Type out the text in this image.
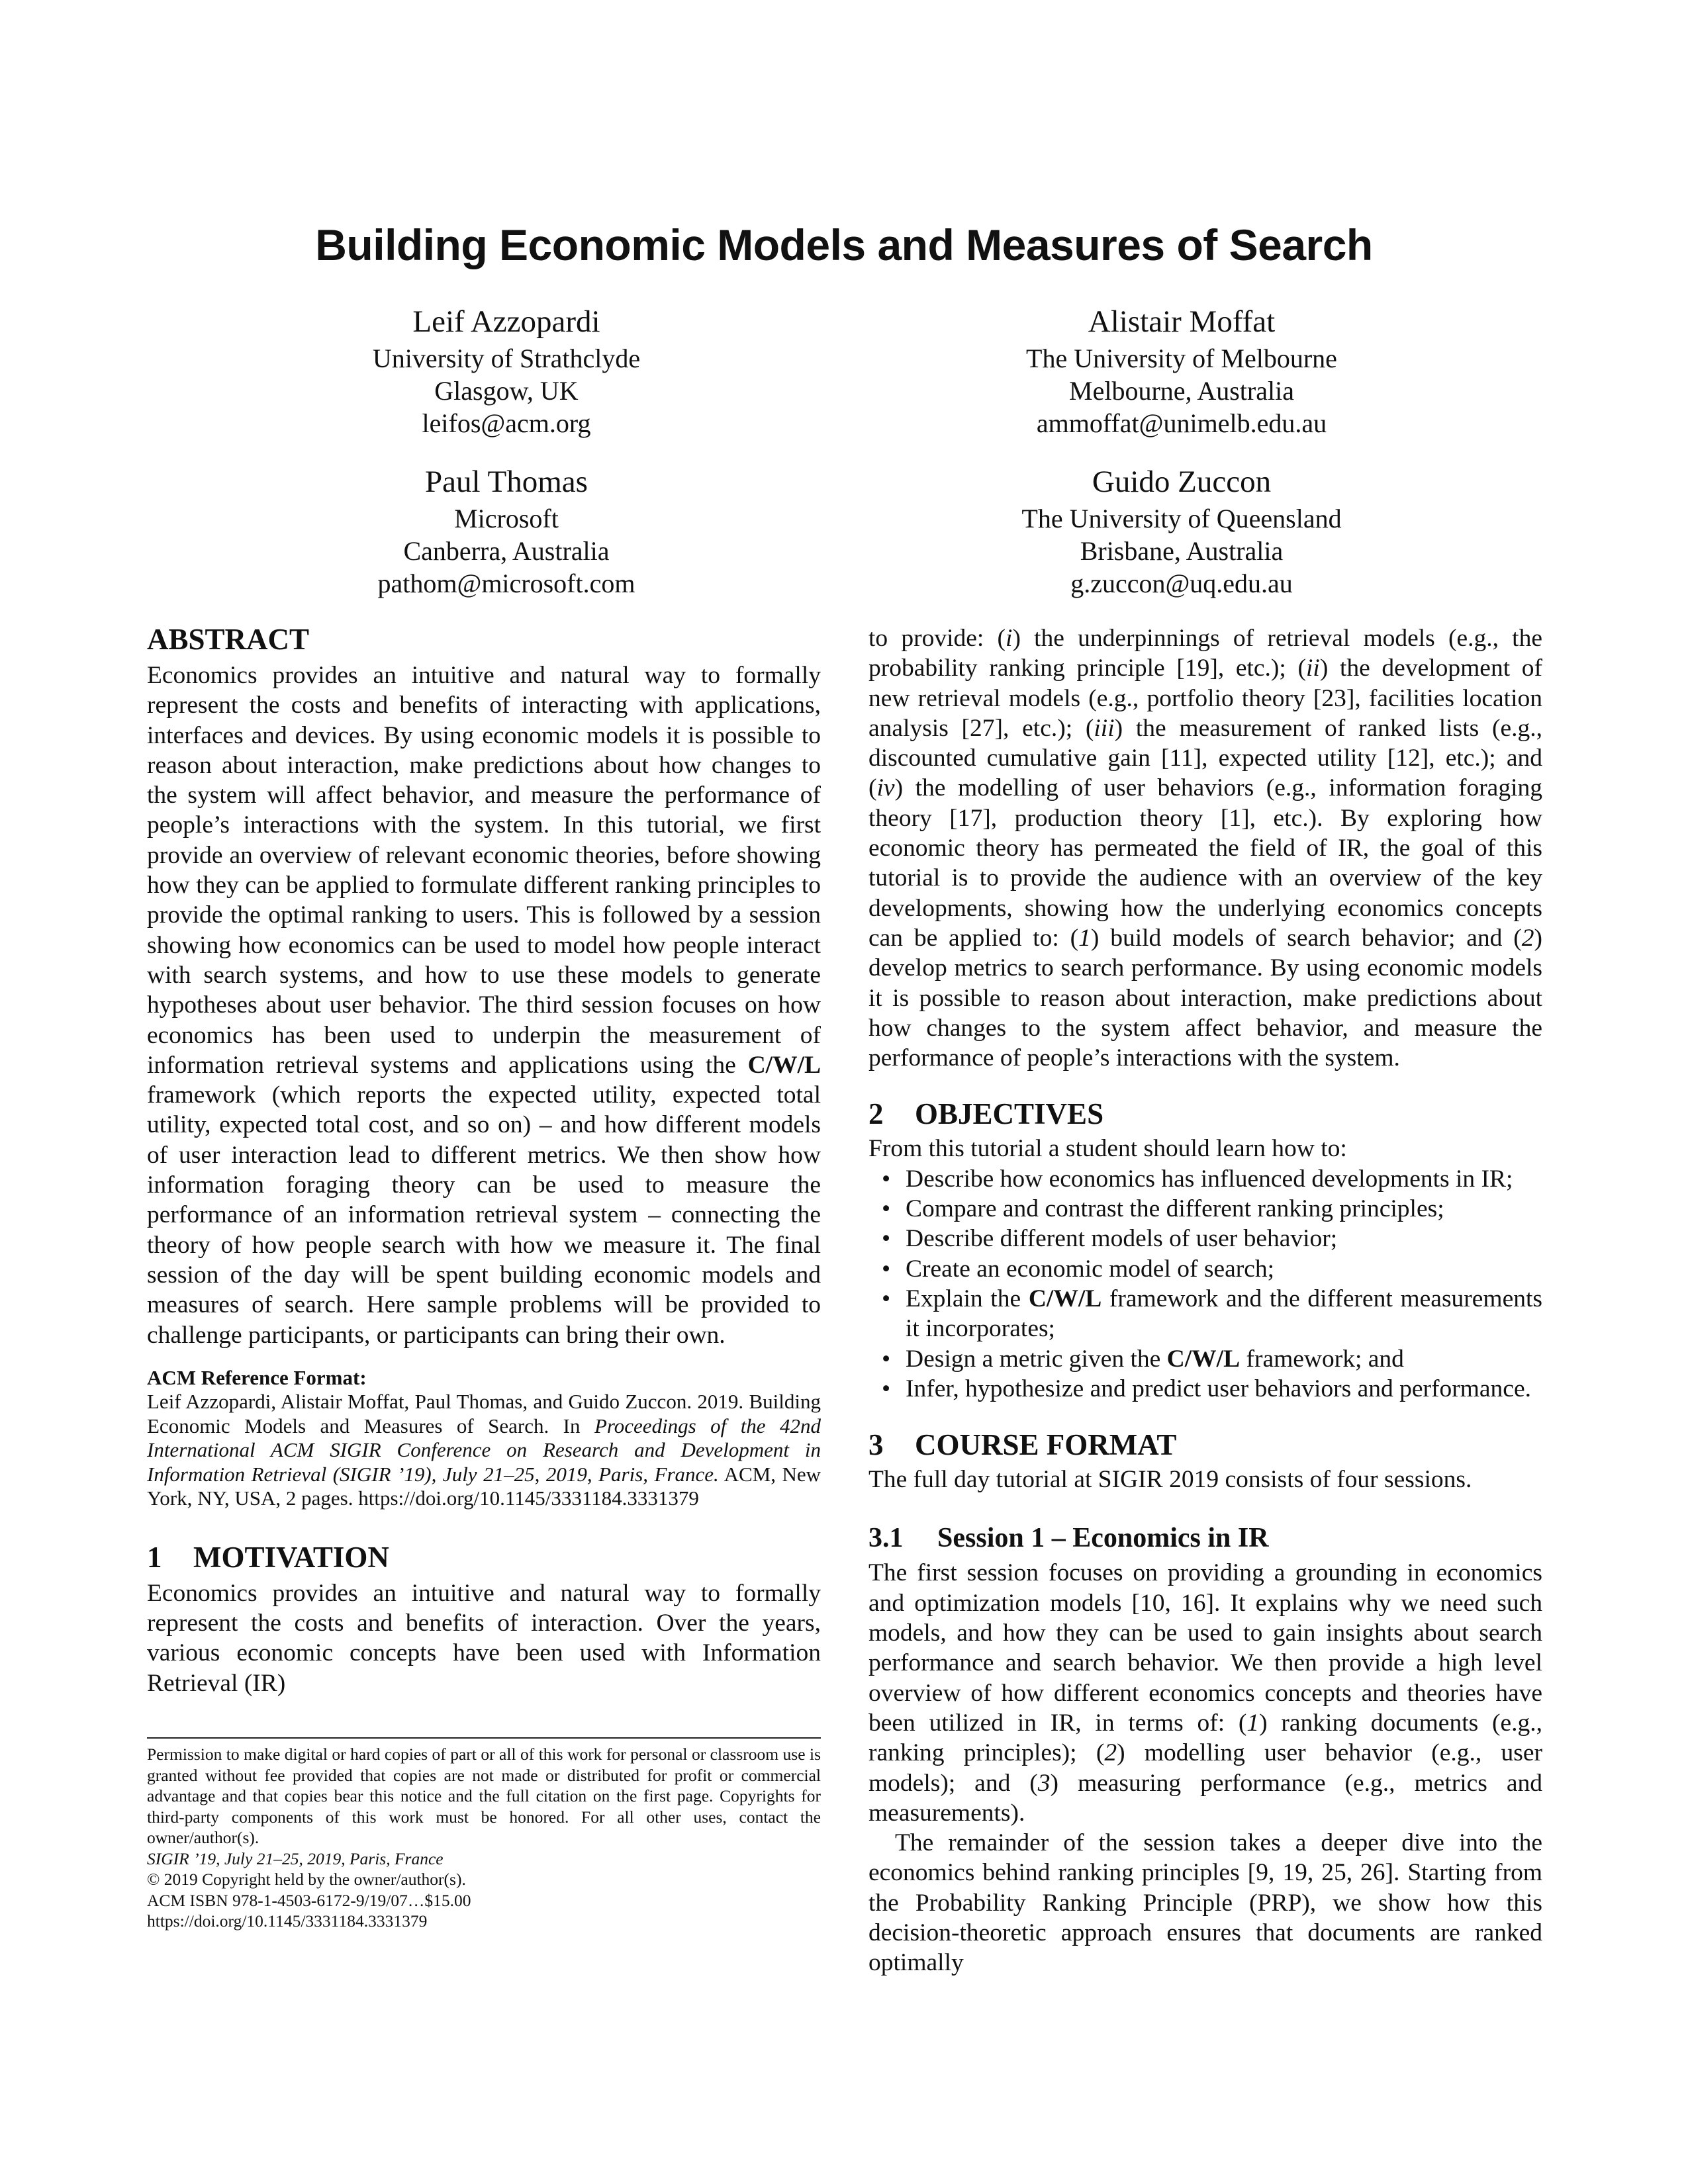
Building Economic Models and Measures of Search
Leif Azzopardi
University of Strathclyde
Glasgow, UK
leifos@acm.org
Alistair Moffat
The University of Melbourne
Melbourne, Australia
ammoffat@unimelb.edu.au
Paul Thomas
Microsoft
Canberra, Australia
pathom@microsoft.com
Guido Zuccon
The University of Queensland
Brisbane, Australia
g.zuccon@uq.edu.au
ABSTRACT

Economics provides an intuitive and natural way to formally represent the costs and benefits of interacting with applications, interfaces and devices. By using economic models it is possible to reason about interaction, make predictions about how changes to the system will affect behavior, and measure the performance of people’s interactions with the system. In this tutorial, we first provide an overview of relevant economic theories, before showing how they can be applied to formulate different ranking principles to provide the optimal ranking to users. This is followed by a session showing how economics can be used to model how people interact with search systems, and how to use these models to generate hypotheses about user behavior. The third session focuses on how economics has been used to underpin the measurement of information retrieval systems and applications using the C/W/L framework (which reports the expected utility, expected total utility, expected total cost, and so on) – and how different models of user interaction lead to different metrics. We then show how information foraging theory can be used to measure the performance of an information retrieval system – connecting the theory of how people search with how we measure it. The final session of the day will be spent building economic models and measures of search. Here sample problems will be provided to challenge participants, or participants can bring their own.

ACM Reference Format:

Leif Azzopardi, Alistair Moffat, Paul Thomas, and Guido Zuccon. 2019. Building Economic Models and Measures of Search. In Proceedings of the 42nd International ACM SIGIR Conference on Research and Development in Information Retrieval (SIGIR ’19), July 21–25, 2019, Paris, France. ACM, New York, NY, USA, 2 pages. https://doi.org/10.1145/3331184.3331379

1 MOTIVATION

Economics provides an intuitive and natural way to formally represent the costs and benefits of interaction. Over the years, various economic concepts have been used with Information Retrieval (IR)

Permission to make digital or hard copies of part or all of this work for personal or classroom use is granted without fee provided that copies are not made or distributed for profit or commercial advantage and that copies bear this notice and the full citation on the first page. Copyrights for third-party components of this work must be honored. For all other uses, contact the owner/author(s).

SIGIR ’19, July 21–25, 2019, Paris, France

© 2019 Copyright held by the owner/author(s).

ACM ISBN 978-1-4503-6172-9/19/07…$15.00

https://doi.org/10.1145/3331184.3331379

to provide: (i) the underpinnings of retrieval models (e.g., the probability ranking principle [19], etc.); (ii) the development of new retrieval models (e.g., portfolio theory [23], facilities location analysis [27], etc.); (iii) the measurement of ranked lists (e.g., discounted cumulative gain [11], expected utility [12], etc.); and (iv) the modelling of user behaviors (e.g., information foraging theory [17], production theory [1], etc.). By exploring how economic theory has permeated the field of IR, the goal of this tutorial is to provide the audience with an overview of the key developments, showing how the underlying economics concepts can be applied to: (1) build models of search behavior; and (2) develop metrics to search performance. By using economic models it is possible to reason about interaction, make predictions about how changes to the system affect behavior, and measure the performance of people’s interactions with the system.

2 OBJECTIVES

From this tutorial a student should learn how to:

• Describe how economics has influenced developments in IR;
• Compare and contrast the different ranking principles;
• Describe different models of user behavior;
• Create an economic model of search;
• Explain the C/W/L framework and the different measurements it incorporates;
• Design a metric given the C/W/L framework; and
• Infer, hypothesize and predict user behaviors and performance.
3 COURSE FORMAT

The full day tutorial at SIGIR 2019 consists of four sessions.

3.1 Session 1 – Economics in IR

The first session focuses on providing a grounding in economics and optimization models [10, 16]. It explains why we need such models, and how they can be used to gain insights about search performance and search behavior. We then provide a high level overview of how different economics concepts and theories have been utilized in IR, in terms of: (1) ranking documents (e.g., ranking principles); (2) modelling user behavior (e.g., user models); and (3) measuring performance (e.g., metrics and measurements).

The remainder of the session takes a deeper dive into the economics behind ranking principles [9, 19, 25, 26]. Starting from the Probability Ranking Principle (PRP), we show how this decision-theoretic approach ensures that documents are ranked optimally
